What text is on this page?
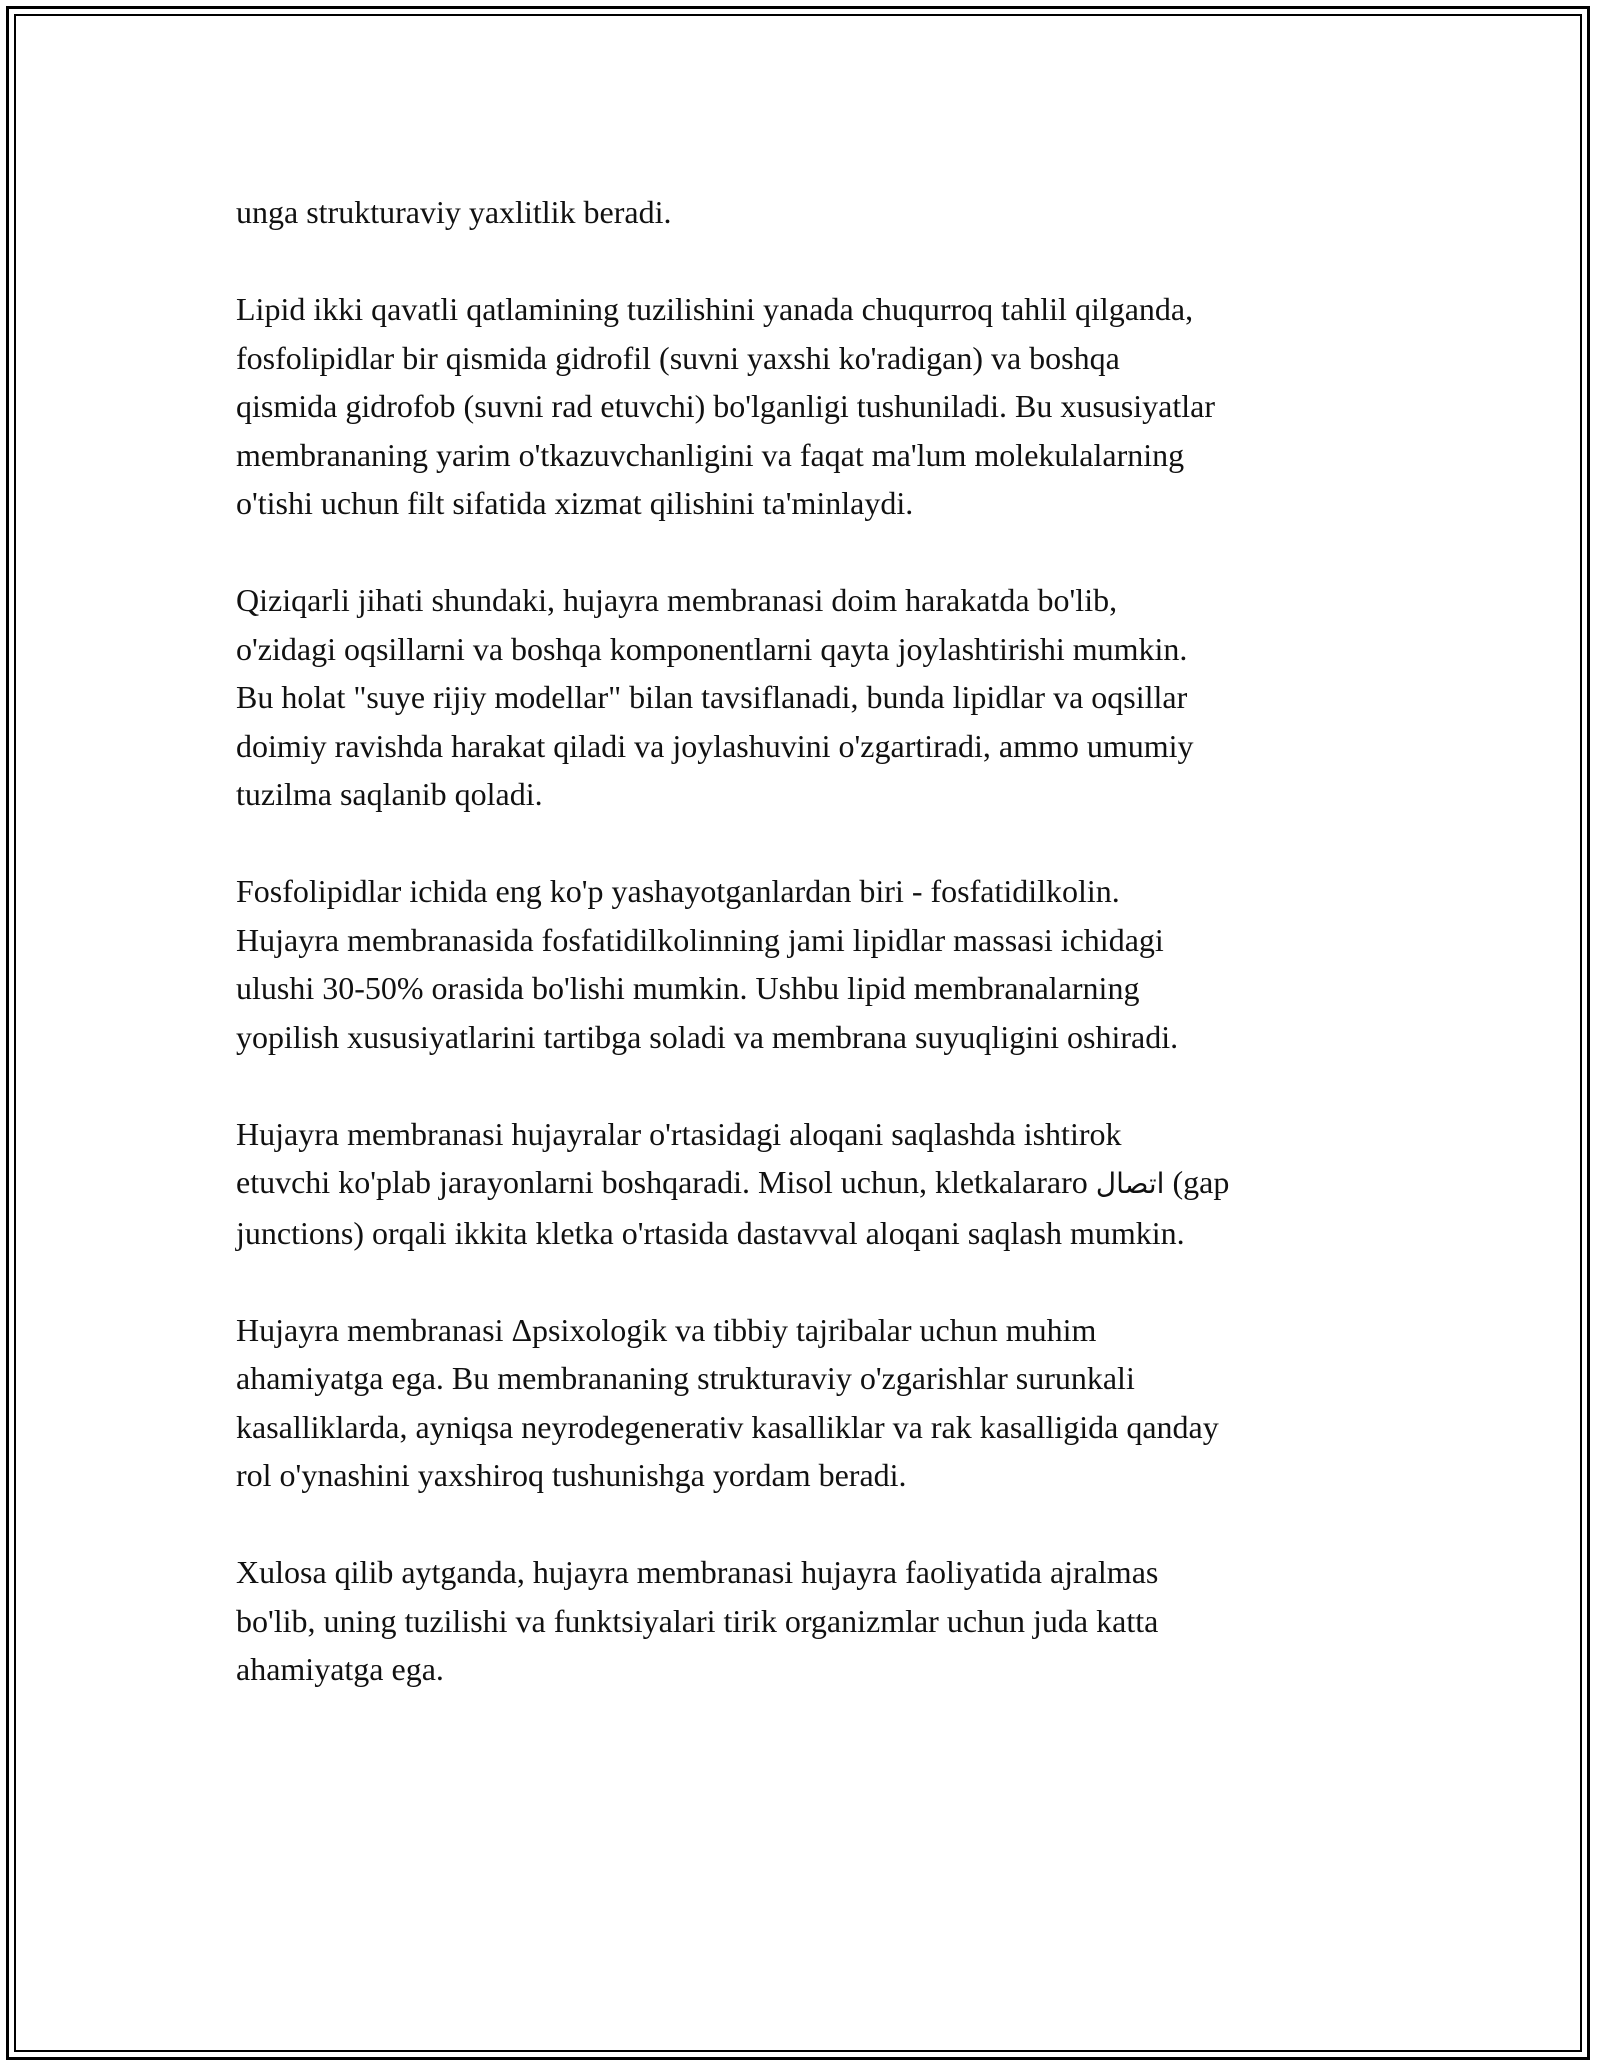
unga strukturaviy yaxlitlik beradi.

Lipid ikki qavatli qatlamining tuzilishini yanada chuqurroq tahlil qilganda,
fosfolipidlar bir qismida gidrofil (suvni yaxshi ko'radigan) va boshqa
qismida gidrofob (suvni rad etuvchi) bo'lganligi tushuniladi. Bu xususiyatlar
membrananing yarim o'tkazuvchanligini va faqat ma'lum molekulalarning
o'tishi uchun filt sifatida xizmat qilishini ta'minlaydi.

Qiziqarli jihati shundaki, hujayra membranasi doim harakatda bo'lib,
o'zidagi oqsillarni va boshqa komponentlarni qayta joylashtirishi mumkin.
Bu holat "suye rijiy modellar" bilan tavsiflanadi, bunda lipidlar va oqsillar
doimiy ravishda harakat qiladi va joylashuvini o'zgartiradi, ammo umumiy
tuzilma saqlanib qoladi.

Fosfolipidlar ichida eng ko'p yashayotganlardan biri - fosfatidilkolin.
Hujayra membranasida fosfatidilkolinning jami lipidlar massasi ichidagi
ulushi 30-50% orasida bo'lishi mumkin. Ushbu lipid membranalarning
yopilish xususiyatlarini tartibga soladi va membrana suyuqligini oshiradi.

Hujayra membranasi hujayralar o'rtasidagi aloqani saqlashda ishtirok
etuvchi ko'plab jarayonlarni boshqaradi. Misol uchun, kletkalararo اتصال (gap
junctions) orqali ikkita kletka o'rtasida dastavval aloqani saqlash mumkin.

Hujayra membranasi Δpsixologik va tibbiy tajribalar uchun muhim
ahamiyatga ega. Bu membrananing strukturaviy o'zgarishlar surunkali
kasalliklarda, ayniqsa neyrodegenerativ kasalliklar va rak kasalligida qanday
rol o'ynashini yaxshiroq tushunishga yordam beradi.

Xulosa qilib aytganda, hujayra membranasi hujayra faoliyatida ajralmas
bo'lib, uning tuzilishi va funktsiyalari tirik organizmlar uchun juda katta
ahamiyatga ega.
